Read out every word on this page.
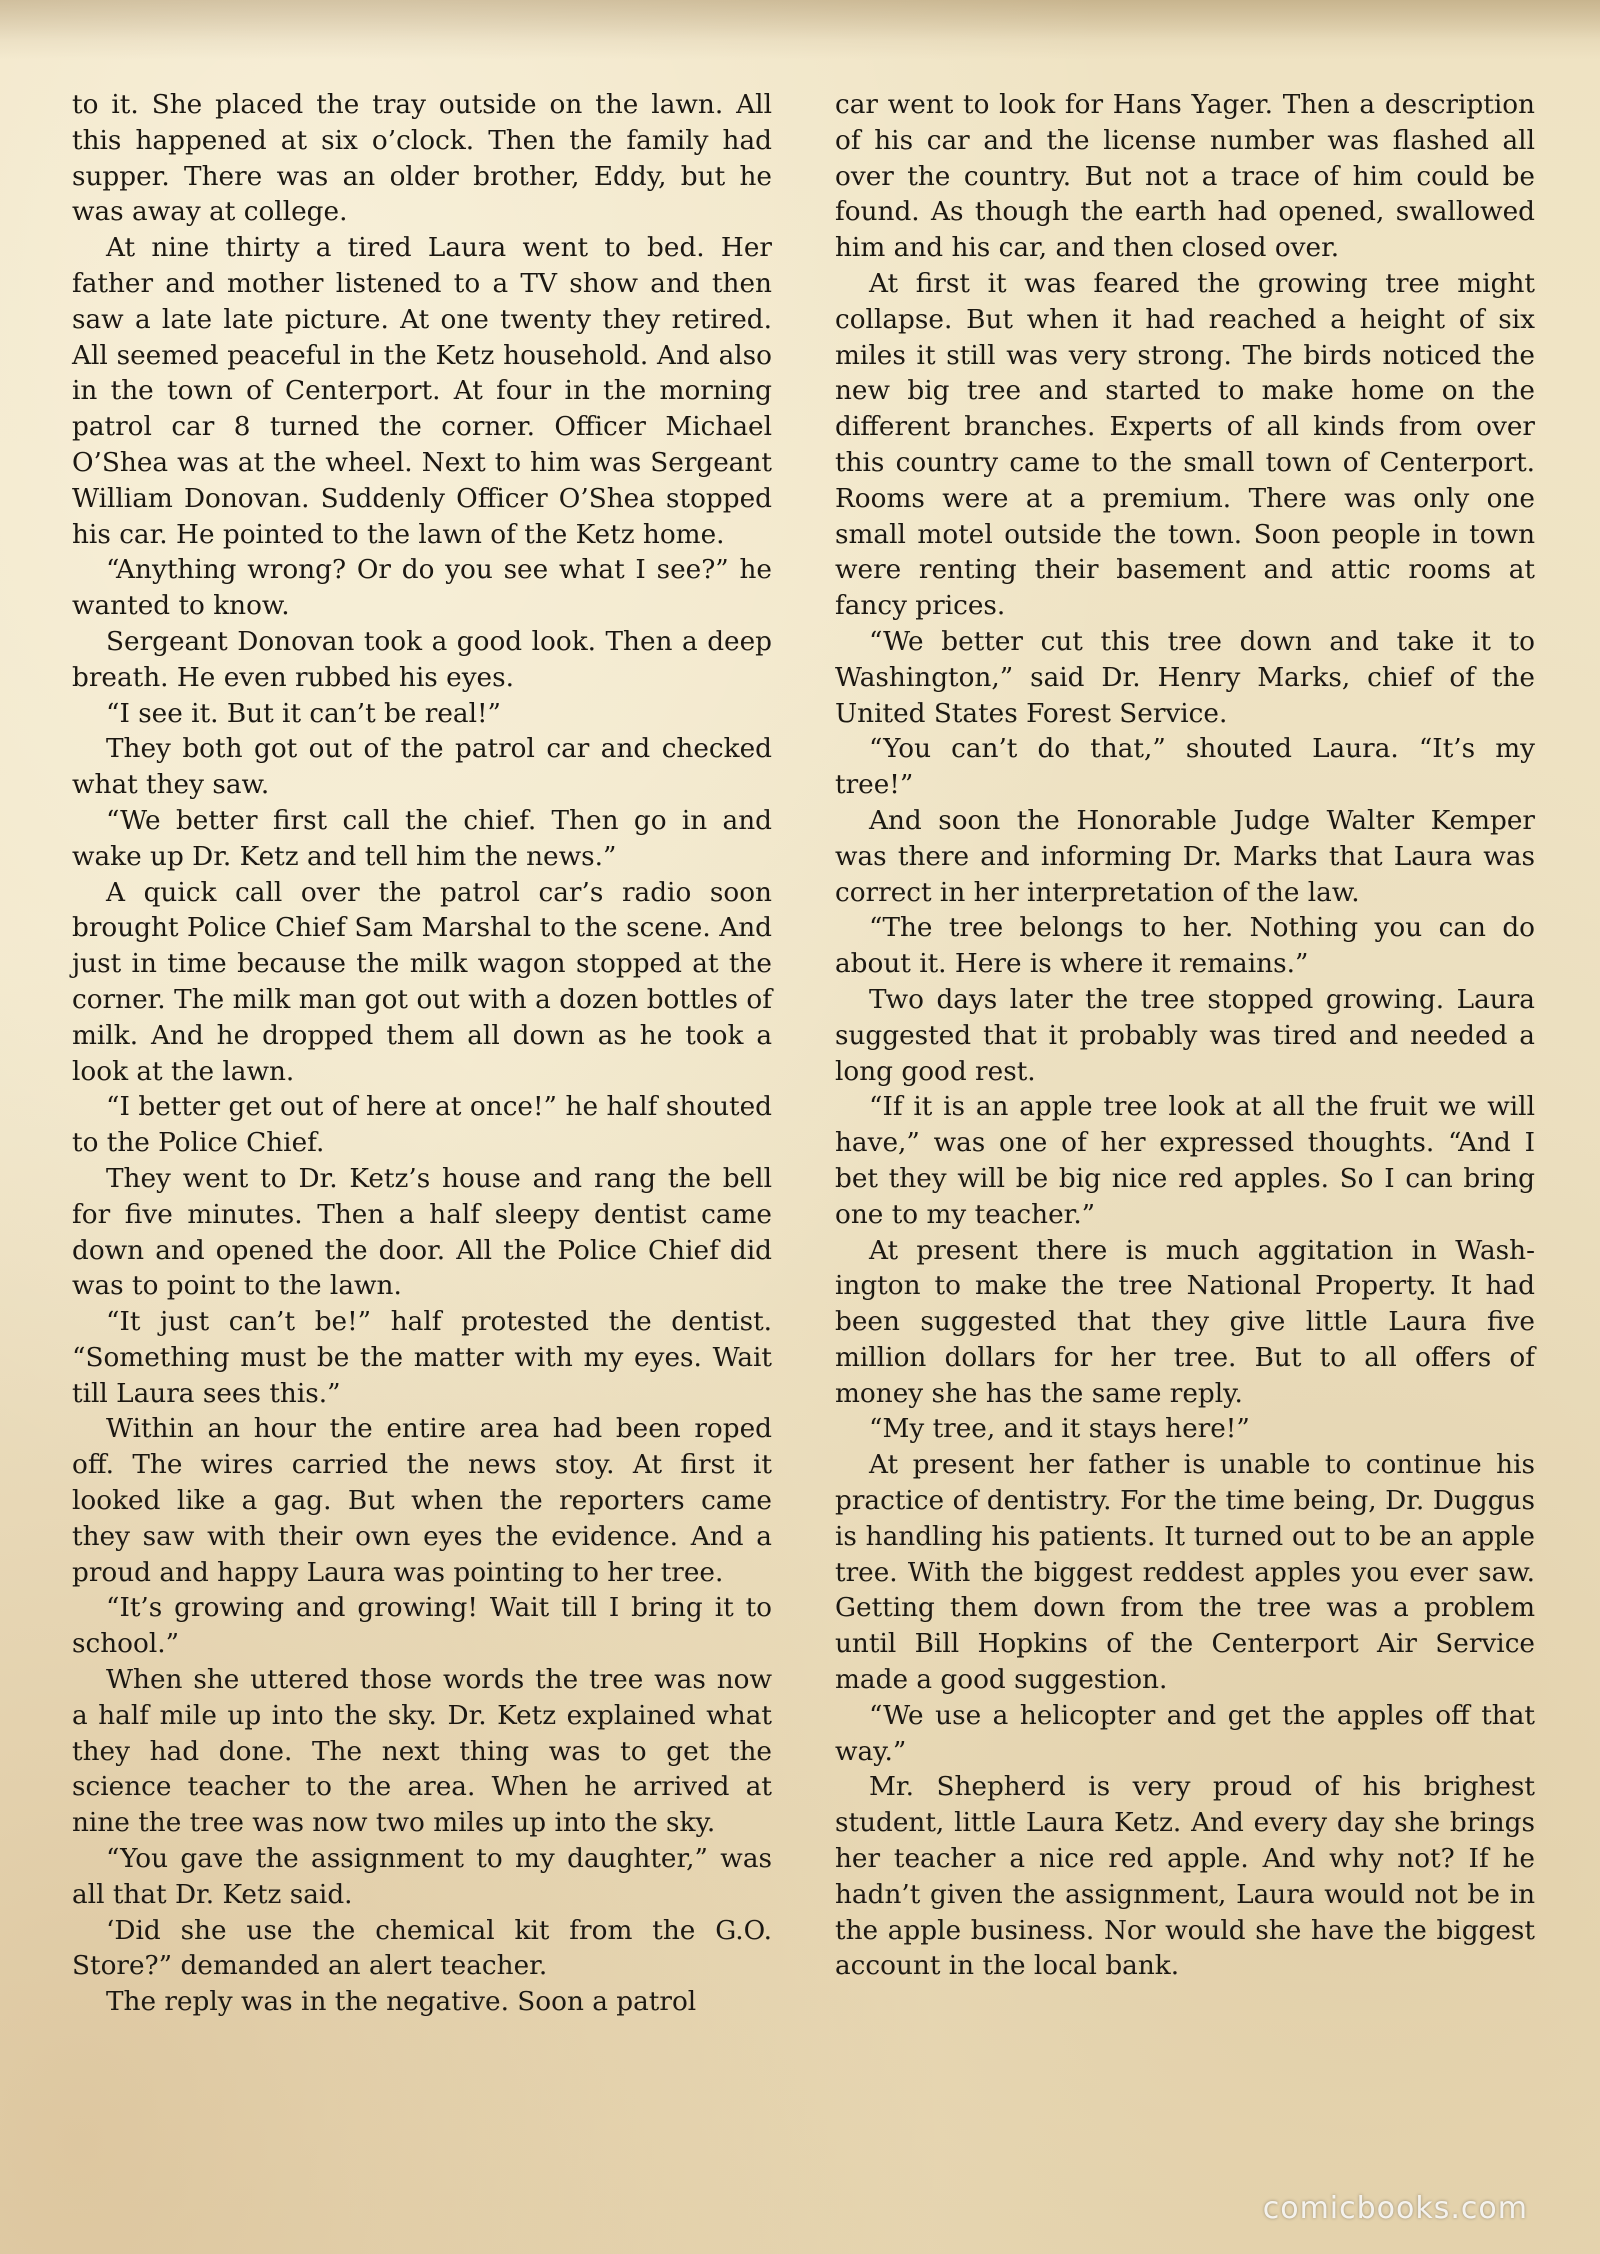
to it. She placed the tray outside on the lawn. All this happened at six o’clock. Then the family had supper. There was an older brother, Eddy, but he was away at college.

At nine thirty a tired Laura went to bed. Her father and mother listened to a TV show and then saw a late late picture. At one twenty they retired. All seemed peaceful in the Ketz household. And also in the town of Centerport. At four in the morning patrol car 8 turned the corner. Officer Michael O’Shea was at the wheel. Next to him was Sergeant William Donovan. Suddenly Officer O’Shea stopped his car. He pointed to the lawn of the Ketz home.

“Anything wrong? Or do you see what I see?” he wanted to know.

Sergeant Donovan took a good look. Then a deep breath. He even rubbed his eyes.

“I see it. But it can’t be real!”

They both got out of the patrol car and checked what they saw.

“We better first call the chief. Then go in and wake up Dr. Ketz and tell him the news.”

A quick call over the patrol car’s radio soon brought Police Chief Sam Marshal to the scene. And just in time because the milk wagon stopped at the corner. The milk man got out with a dozen bottles of milk. And he dropped them all down as he took a look at the lawn.

“I better get out of here at once!” he half shouted to the Police Chief.

They went to Dr. Ketz’s house and rang the bell for five minutes. Then a half sleepy dentist came down and opened the door. All the Police Chief did was to point to the lawn.

“It just can’t be!” half protested the dentist. “Something must be the matter with my eyes. Wait till Laura sees this.”

Within an hour the entire area had been roped off. The wires carried the news stoy. At first it looked like a gag. But when the reporters came they saw with their own eyes the evidence. And a proud and happy Laura was pointing to her tree.

“It’s growing and growing! Wait till I bring it to school.”

When she uttered those words the tree was now a half mile up into the sky. Dr. Ketz explained what they had done. The next thing was to get the science teacher to the area. When he arrived at nine the tree was now two miles up into the sky.

“You gave the assignment to my daughter,” was all that Dr. Ketz said.

‘Did she use the chemical kit from the G.O. Store?” demanded an alert teacher.

The reply was in the negative. Soon a patrol

car went to look for Hans Yager. Then a description of his car and the license number was flashed all over the country. But not a trace of him could be found. As though the earth had opened, swallowed him and his car, and then closed over.

At first it was feared the growing tree might collapse. But when it had reached a height of six miles it still was very strong. The birds noticed the new big tree and started to make home on the different branches. Experts of all kinds from over this country came to the small town of Centerport. Rooms were at a premium. There was only one small motel outside the town. Soon people in town were renting their basement and attic rooms at fancy prices.

“We better cut this tree down and take it to Washington,” said Dr. Henry Marks, chief of the United States Forest Service.

“You can’t do that,” shouted Laura. “It’s my tree!”

And soon the Honorable Judge Walter Kemper was there and informing Dr. Marks that Laura was correct in her interpretation of the law.

“The tree belongs to her. Nothing you can do about it. Here is where it remains.”

Two days later the tree stopped growing. Laura suggested that it probably was tired and needed a long good rest.

“If it is an apple tree look at all the fruit we will have,” was one of her expressed thoughts. “And I bet they will be big nice red apples. So I can bring one to my teacher.”

At present there is much aggitation in Washington to make the tree National Property. It had been suggested that they give little Laura five million dollars for her tree. But to all offers of money she has the same reply.

“My tree, and it stays here!”

At present her father is unable to continue his practice of dentistry. For the time being, Dr. Duggus is handling his patients. It turned out to be an apple tree. With the biggest reddest apples you ever saw. Getting them down from the tree was a problem until Bill Hopkins of the Centerport Air Service made a good suggestion.

“We use a helicopter and get the apples off that way.”

Mr. Shepherd is very proud of his brighest student, little Laura Ketz. And every day she brings her teacher a nice red apple. And why not? If he hadn’t given the assignment, Laura would not be in the apple business. Nor would she have the biggest account in the local bank.

comicbooks.com
